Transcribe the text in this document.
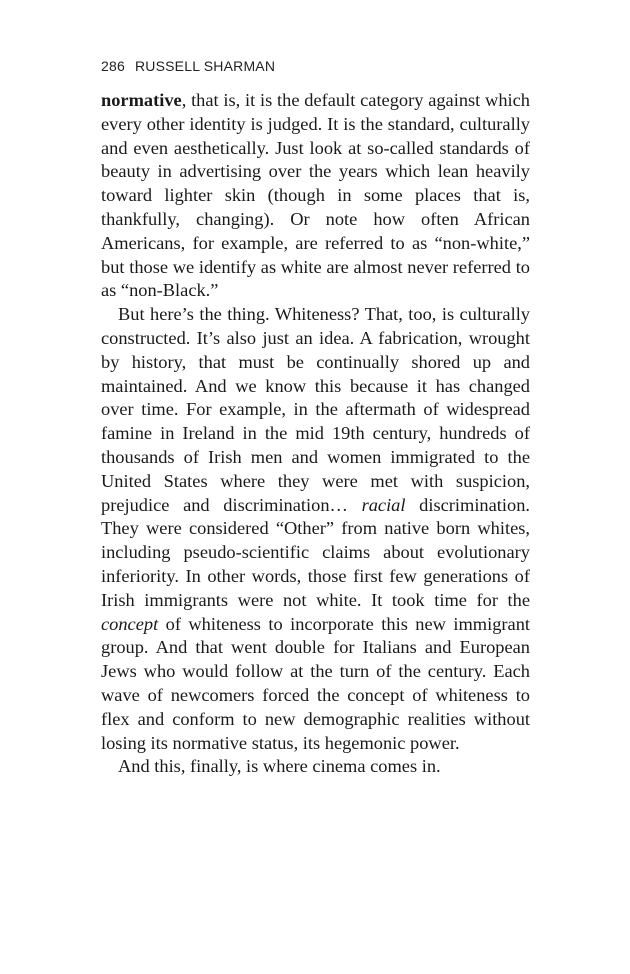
286 RUSSELL SHARMAN

normative, that is, it is the default category against which every other identity is judged. It is the standard, culturally and even aesthetically. Just look at so-called standards of beauty in advertising over the years which lean heavily toward lighter skin (though in some places that is, thankfully, changing). Or note how often African Americans, for example, are referred to as “non-white,” but those we identify as white are almost never referred to as “non-Black.”

But here’s the thing. Whiteness? That, too, is culturally constructed. It’s also just an idea. A fabrication, wrought by history, that must be continually shored up and maintained. And we know this because it has changed over time. For example, in the aftermath of widespread famine in Ireland in the mid 19th century, hundreds of thousands of Irish men and women immigrated to the United States where they were met with suspicion, prejudice and discrimination… racial discrimination. They were considered “Other” from native born whites, including pseudo-scientific claims about evolutionary inferiority. In other words, those first few generations of Irish immigrants were not white. It took time for the concept of whiteness to incorporate this new immigrant group. And that went double for Italians and European Jews who would follow at the turn of the century. Each wave of newcomers forced the concept of whiteness to flex and conform to new demographic realities without losing its normative status, its hegemonic power.

And this, finally, is where cinema comes in.
